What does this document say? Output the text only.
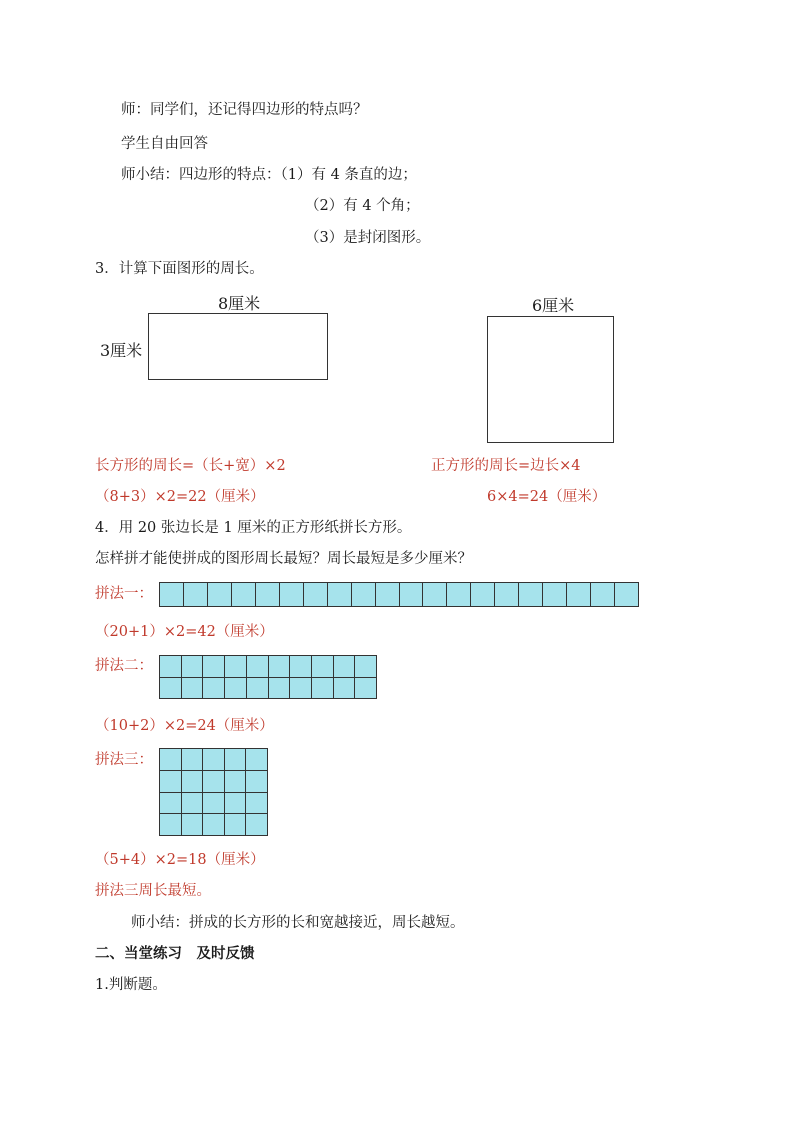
师：同学们，还记得四边形的特点吗？
学生自由回答
师小结：四边形的特点：（1）有 4 条直的边；
（2）有 4 个角；
（3）是封闭图形。
3．计算下面图形的周长。
8厘米
3厘米
6厘米
长方形的周长=（长+宽）×2	正方形的周长=边长×4
（8+3）×2=22（厘米）	6×4=24（厘米）
4．用 20 张边长是 1 厘米的正方形纸拼长方形。
怎样拼才能使拼成的图形周长最短？周长最短是多少厘米？
拼法一：
（20+1）×2=42（厘米）
拼法二：
（10+2）×2=24（厘米）
拼法三：
（5+4）×2=18（厘米）
拼法三周长最短。
师小结：拼成的长方形的长和宽越接近，周长越短。
二、当堂练习　及时反馈
1.判断题。
